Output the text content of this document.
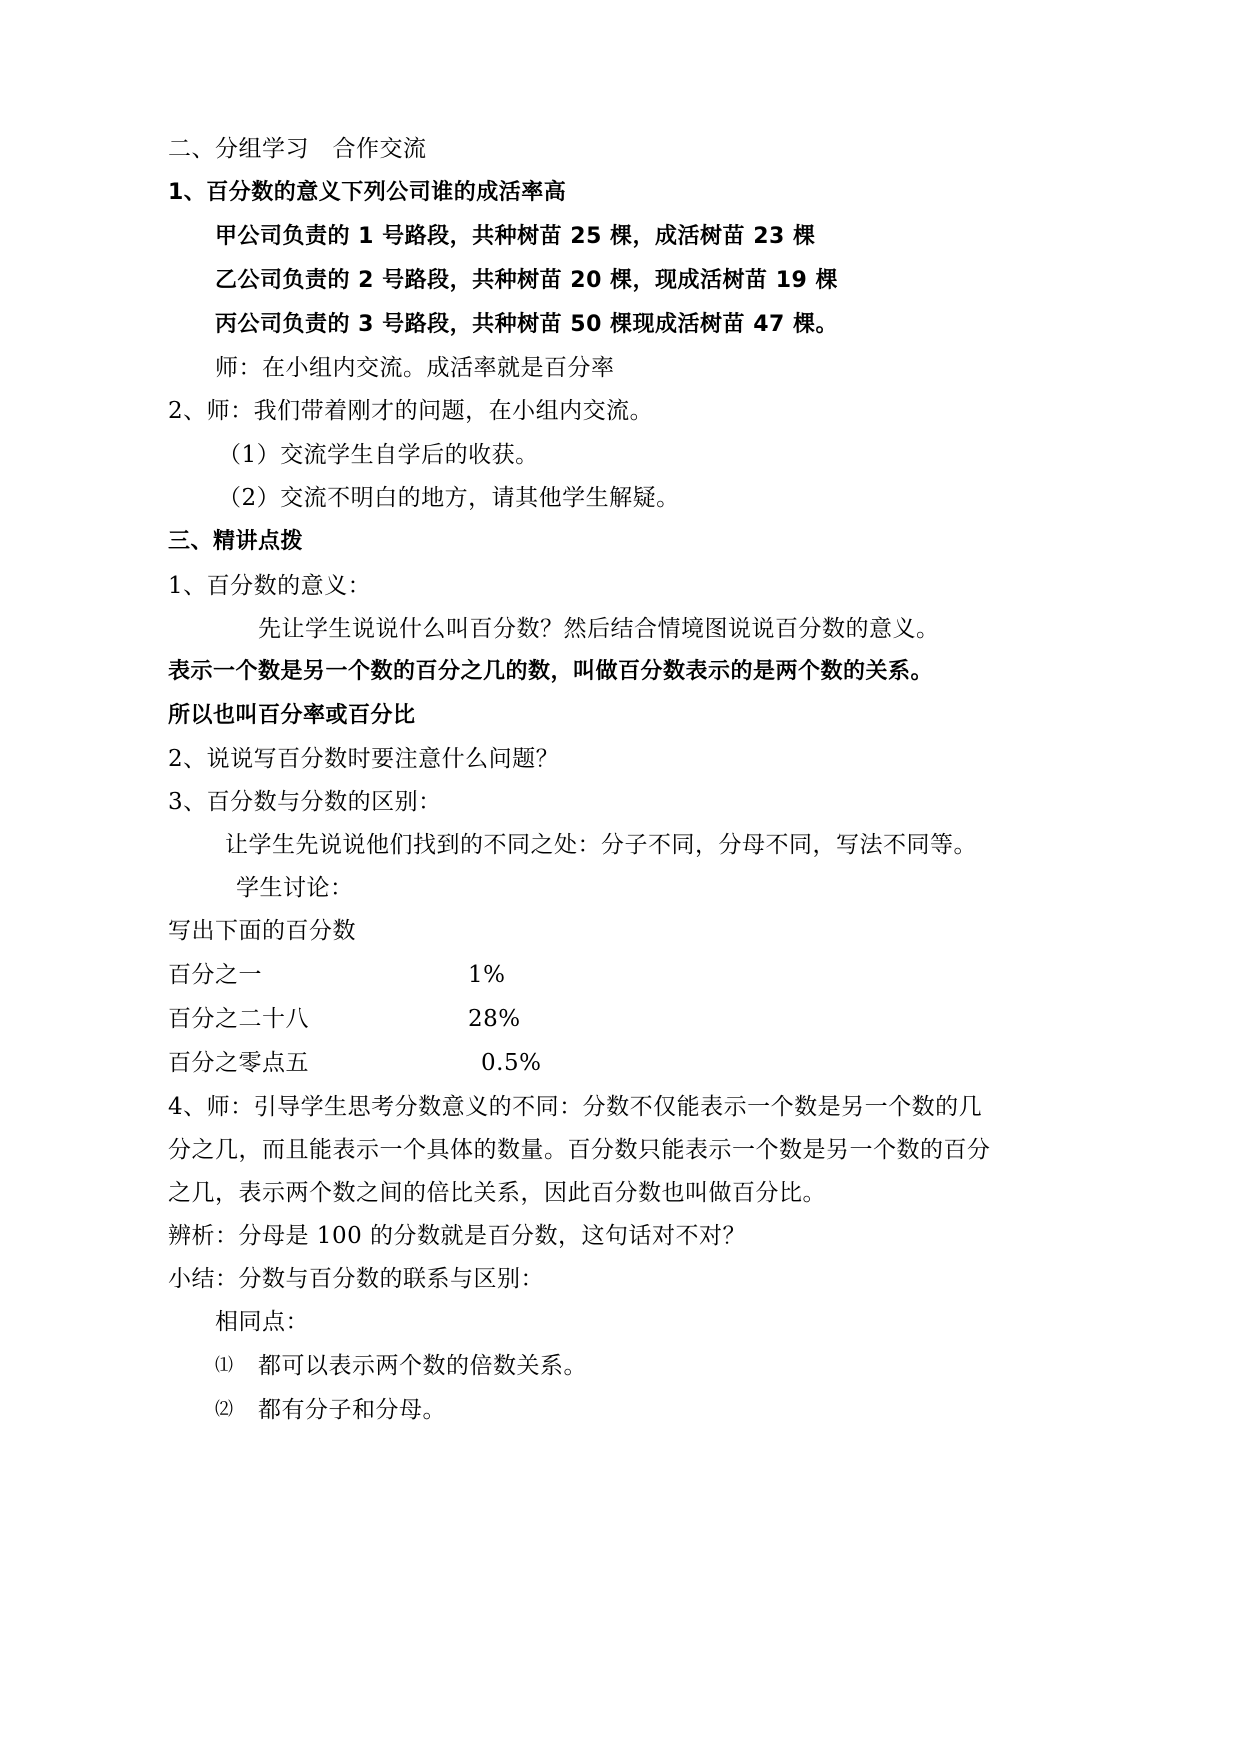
二、分组学习　合作交流
1、百分数的意义下列公司谁的成活率高
甲公司负责的 1 号路段，共种树苗 25 棵，成活树苗 23 棵
乙公司负责的 2 号路段，共种树苗 20 棵，现成活树苗 19 棵
丙公司负责的 3 号路段，共种树苗 50 棵现成活树苗 47 棵。
师：在小组内交流。成活率就是百分率
2、师：我们带着刚才的问题，在小组内交流。
（1）交流学生自学后的收获。
（2）交流不明白的地方，请其他学生解疑。
三、精讲点拨
1、百分数的意义：
先让学生说说什么叫百分数？然后结合情境图说说百分数的意义。
表示一个数是另一个数的百分之几的数，叫做百分数表示的是两个数的关系。
所以也叫百分率或百分比
2、说说写百分数时要注意什么问题？
3、百分数与分数的区别：
让学生先说说他们找到的不同之处：分子不同，分母不同，写法不同等。
学生讨论：
写出下面的百分数
百分之一	1%
百分之二十八	28%
百分之零点五	0.5%
4、师：引导学生思考分数意义的不同：分数不仅能表示一个数是另一个数的几
分之几，而且能表示一个具体的数量。百分数只能表示一个数是另一个数的百分
之几，表示两个数之间的倍比关系，因此百分数也叫做百分比。
辨析：分母是 100 的分数就是百分数，这句话对不对？
小结：分数与百分数的联系与区别：
相同点：
⑴ 都可以表示两个数的倍数关系。
⑵ 都有分子和分母。
